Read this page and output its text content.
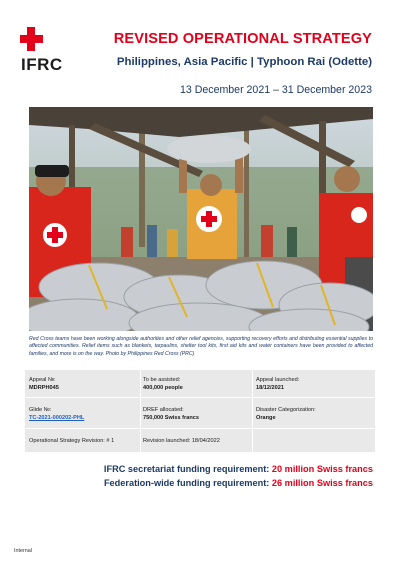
IFRC
REVISED OPERATIONAL STRATEGY
Philippines, Asia Pacific | Typhoon Rai (Odette)
13 December 2021 – 31 December 2023
Red Cross teams have been working alongside authorities and other relief agencies, supporting recovery efforts and distributing essential supplies to affected communities. Relief items such as blankets, tarpaulins, shelter tool kits, first aid kits and water containers have been provided to affected families, and more is on the way. Photo by Philippines Red Cross (PRC)
Appeal №:
MDRPH045
To be assisted:
400,000 people
Appeal launched:
18/12/2021
Glide №:
TC-2021-000202-PHL
DREF allocated:
750,000 Swiss francs
Disaster Categorization:
Orange
Operational Strategy Revision: # 1	Revision launched: 18/04/2022
IFRC secretariat funding requirement: 20 million Swiss francs
Federation-wide funding requirement: 26 million Swiss francs
Internal
